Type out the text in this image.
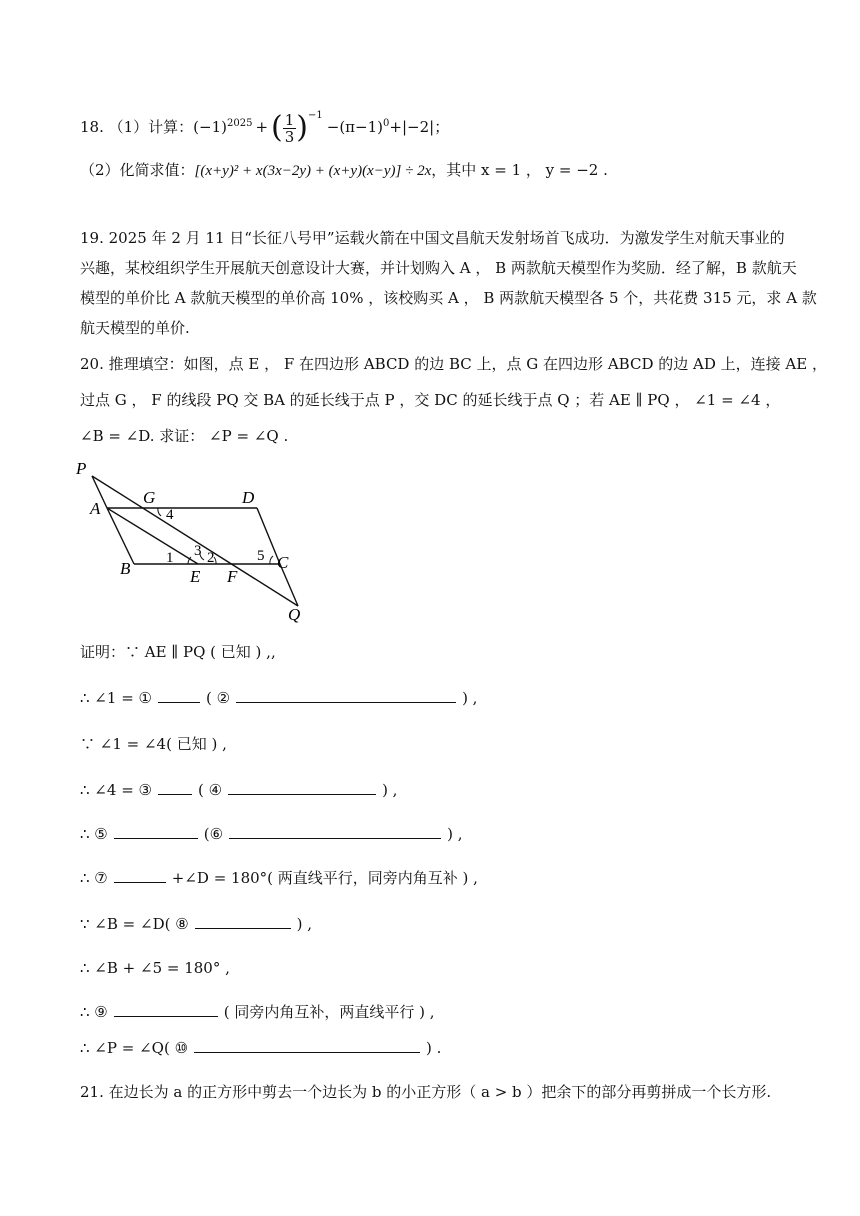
18. （1）计算：$(-1)^{2025}$ + ( $\frac{1}{3} )^{-1}-(\pi-1)^0+|-2|$；
（2）化简求值：[(x+y)² + x(3x−2y) + (x+y)(x−y)] ÷ 2x，其中 x = 1 ， y = −2 .
19. 2025 年 2 月 11 日“长征八号甲”运载火箭在中国文昌航天发射场首飞成功．为激发学生对航天事业的
兴趣，某校组织学生开展航天创意设计大赛，并计划购入 A ， B 两款航天模型作为奖励．经了解，B 款航天
模型的单价比 A 款航天模型的单价高 10% ，该校购买 A ， B 两款航天模型各 5 个，共花费 315 元，求 A 款
航天模型的单价.
20. 推理填空：如图，点 E ， F 在四边形 ABCD 的边 BC 上，点 G 在四边形 ABCD 的边 AD 上，连接 AE ，
过点 G ， F 的线段 PQ 交 BA 的延长线于点 P ，交 DC 的延长线于点 Q ；若 AE ∥ PQ ， ∠1 = ∠4 ，
∠B = ∠D. 求证： ∠P = ∠Q .
P
G	D
A	4
B
1 3 2
E F
5 C
Q
证明：∵ AE ∥ PQ ( 已知 ) ,,
∴ ∠1 = ①	( ②	) ,
∵ ∠1 = ∠4( 已知 ) ,
∴ ∠4 = ③	( ④	) ,
∴ ⑤	(⑥	) ,
∴ ⑦	+∠D = 180°( 两直线平行，同旁内角互补 ) ,
∵ ∠B = ∠D( ⑧	) ,
∴ ∠B + ∠5 = 180° ,
∴ ⑨	( 同旁内角互补，两直线平行 ) ,
∴ ∠P = ∠Q( ⑩	) .
21. 在边长为 a 的正方形中剪去一个边长为 b 的小正方形（ a > b ）把余下的部分再剪拼成一个长方形.
